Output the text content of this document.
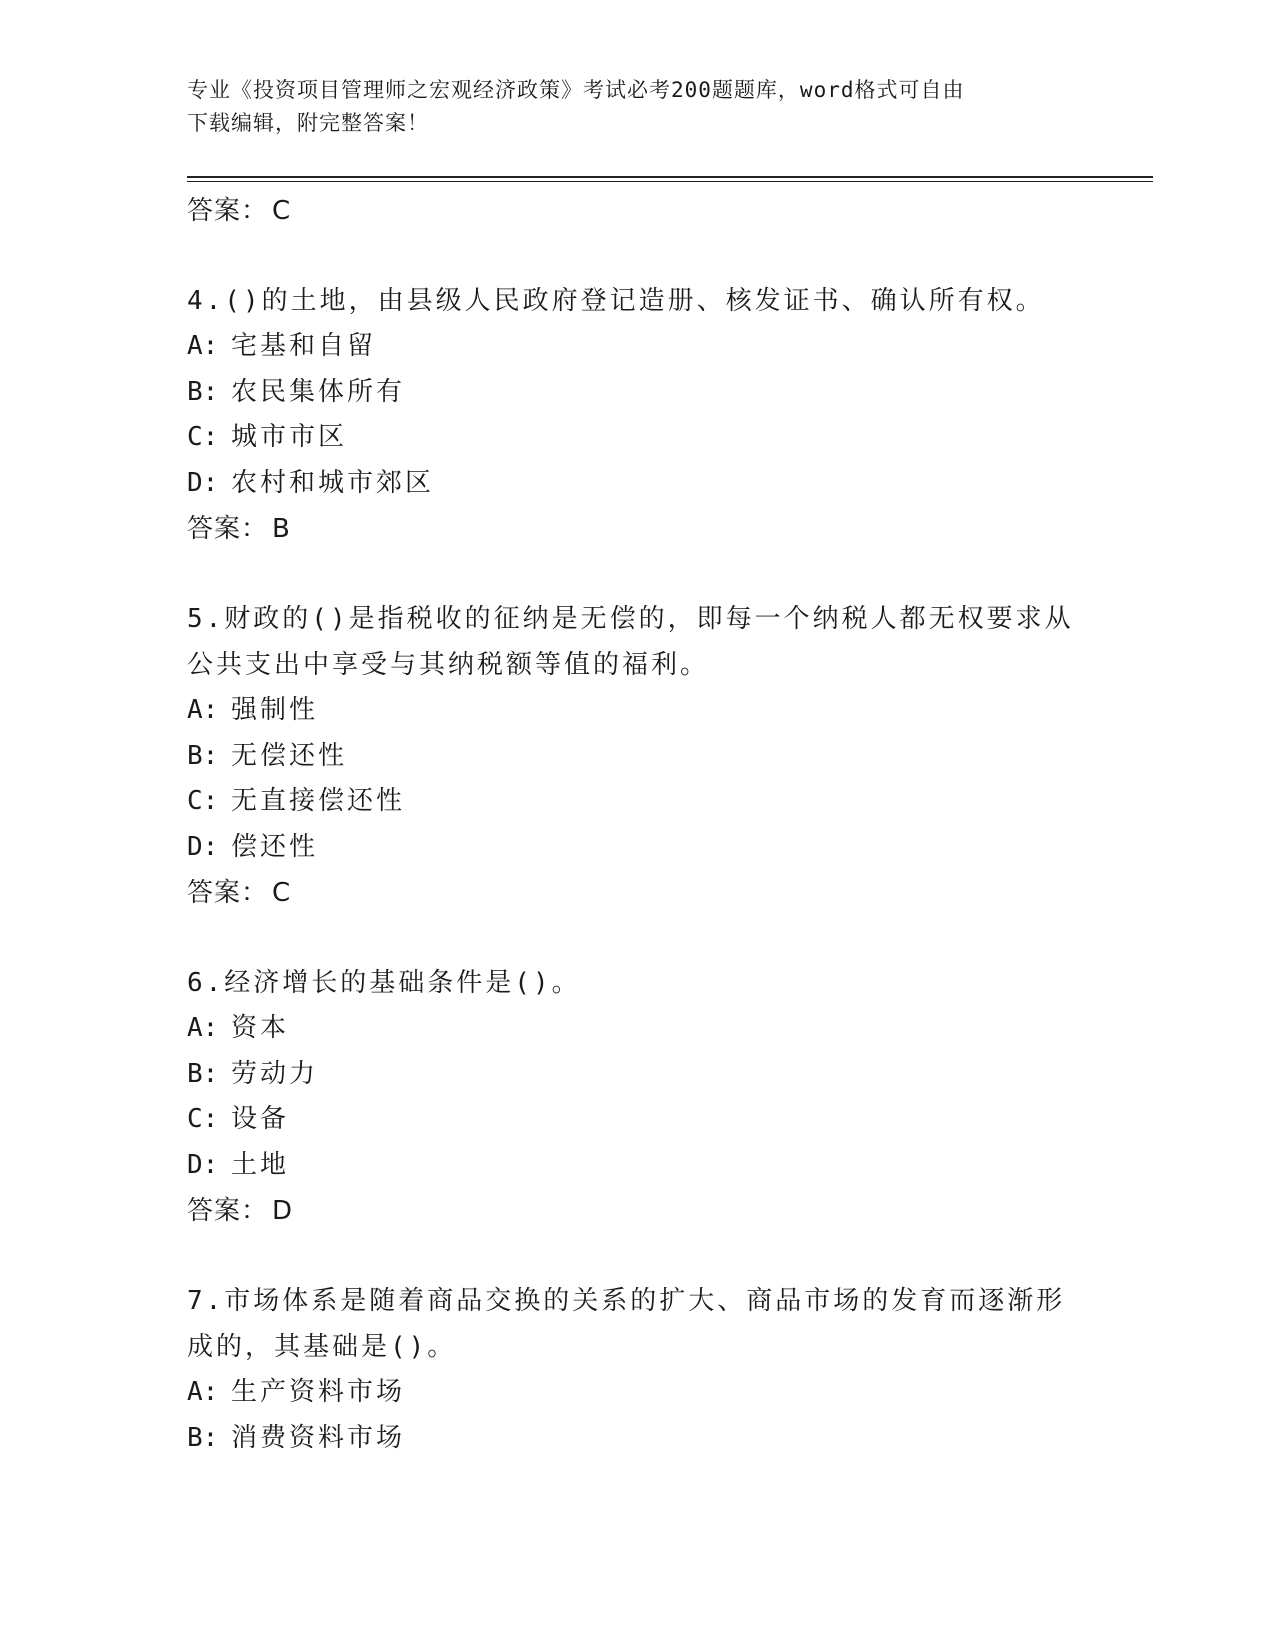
专业《投资项目管理师之宏观经济政策》考试必考200题题库，word格式可自由
下载编辑，附完整答案！
答案： C
4.()的土地，由县级人民政府登记造册、核发证书、确认所有权。
A: 宅基和自留
B: 农民集体所有
C: 城市市区
D: 农村和城市郊区
答案： B
5.财政的()是指税收的征纳是无偿的，即每一个纳税人都无权要求从
公共支出中享受与其纳税额等值的福利。
A: 强制性
B: 无偿还性
C: 无直接偿还性
D: 偿还性
答案： C
6.经济增长的基础条件是()。
A: 资本
B: 劳动力
C: 设备
D: 土地
答案： D
7.市场体系是随着商品交换的关系的扩大、商品市场的发育而逐渐形
成的，其基础是()。
A: 生产资料市场
B: 消费资料市场
